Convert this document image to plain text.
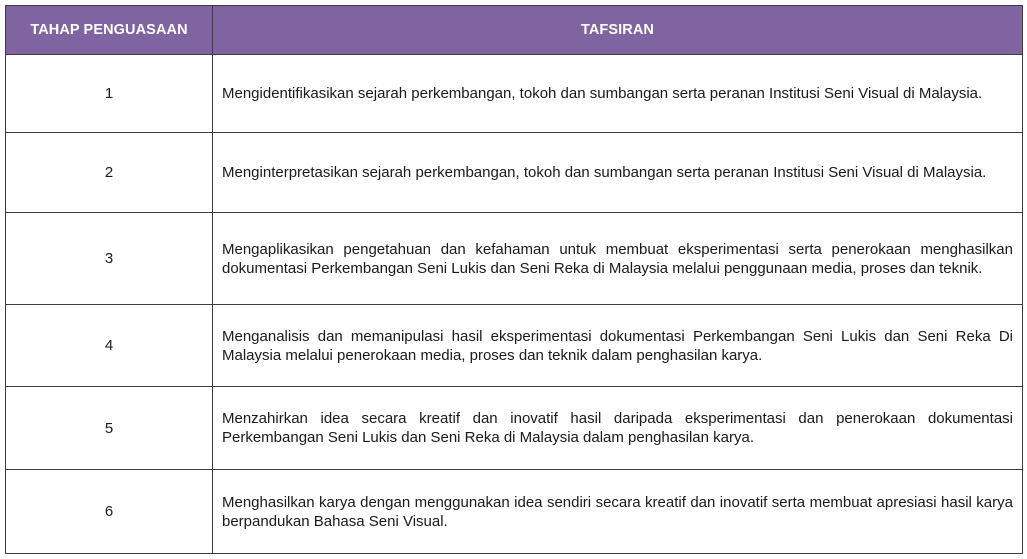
TAHAP PENGUASAAN	TAFSIRAN
1	Mengidentifikasikan sejarah perkembangan, tokoh dan sumbangan serta peranan Institusi Seni Visual di Malaysia.
2	Menginterpretasikan sejarah perkembangan, tokoh dan sumbangan serta peranan Institusi Seni Visual di Malaysia.
3	Mengaplikasikan pengetahuan dan kefahaman untuk membuat eksperimentasi serta penerokaan menghasilkan dokumentasi Perkembangan Seni Lukis dan Seni Reka di Malaysia melalui penggunaan media, proses dan teknik.
4	Menganalisis dan memanipulasi hasil eksperimentasi dokumentasi Perkembangan Seni Lukis dan Seni Reka Di Malaysia melalui penerokaan media, proses dan teknik dalam penghasilan karya.
5	Menzahirkan idea secara kreatif dan inovatif hasil daripada eksperimentasi dan penerokaan dokumentasi Perkembangan Seni Lukis dan Seni Reka di Malaysia dalam penghasilan karya.
6	Menghasilkan karya dengan menggunakan idea sendiri secara kreatif dan inovatif serta membuat apresiasi hasil karya berpandukan Bahasa Seni Visual.
